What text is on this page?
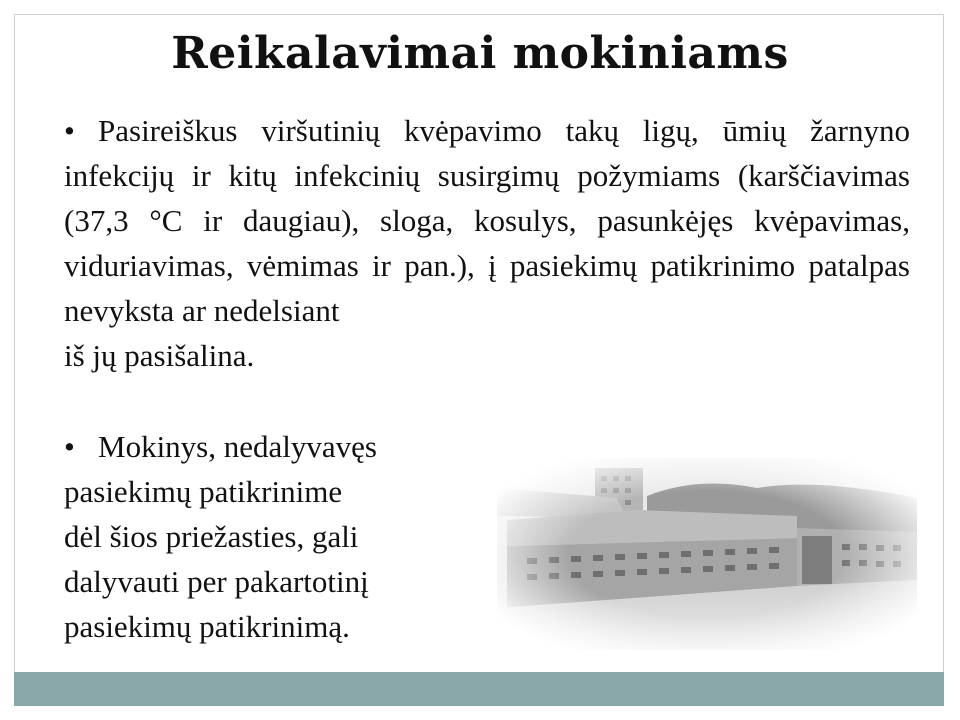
Reikalavimai mokiniams
• Pasireiškus viršutinių kvėpavimo takų ligų, ūmių žarnyno infekcijų ir kitų infekcinių susirgimų požymiams (karščiavimas (37,3 °C ir daugiau), sloga, kosulys, pasunkėjęs kvėpavimas, viduriavimas, vėmimas ir pan.), į pasiekimų patikrinimo patalpas nevyksta ar nedelsiant
iš jų pasišalina.
• Mokinys, nedalyvavęs
pasiekimų patikrinime
dėl šios priežasties, gali
dalyvauti per pakartotinį
pasiekimų patikrinimą.
